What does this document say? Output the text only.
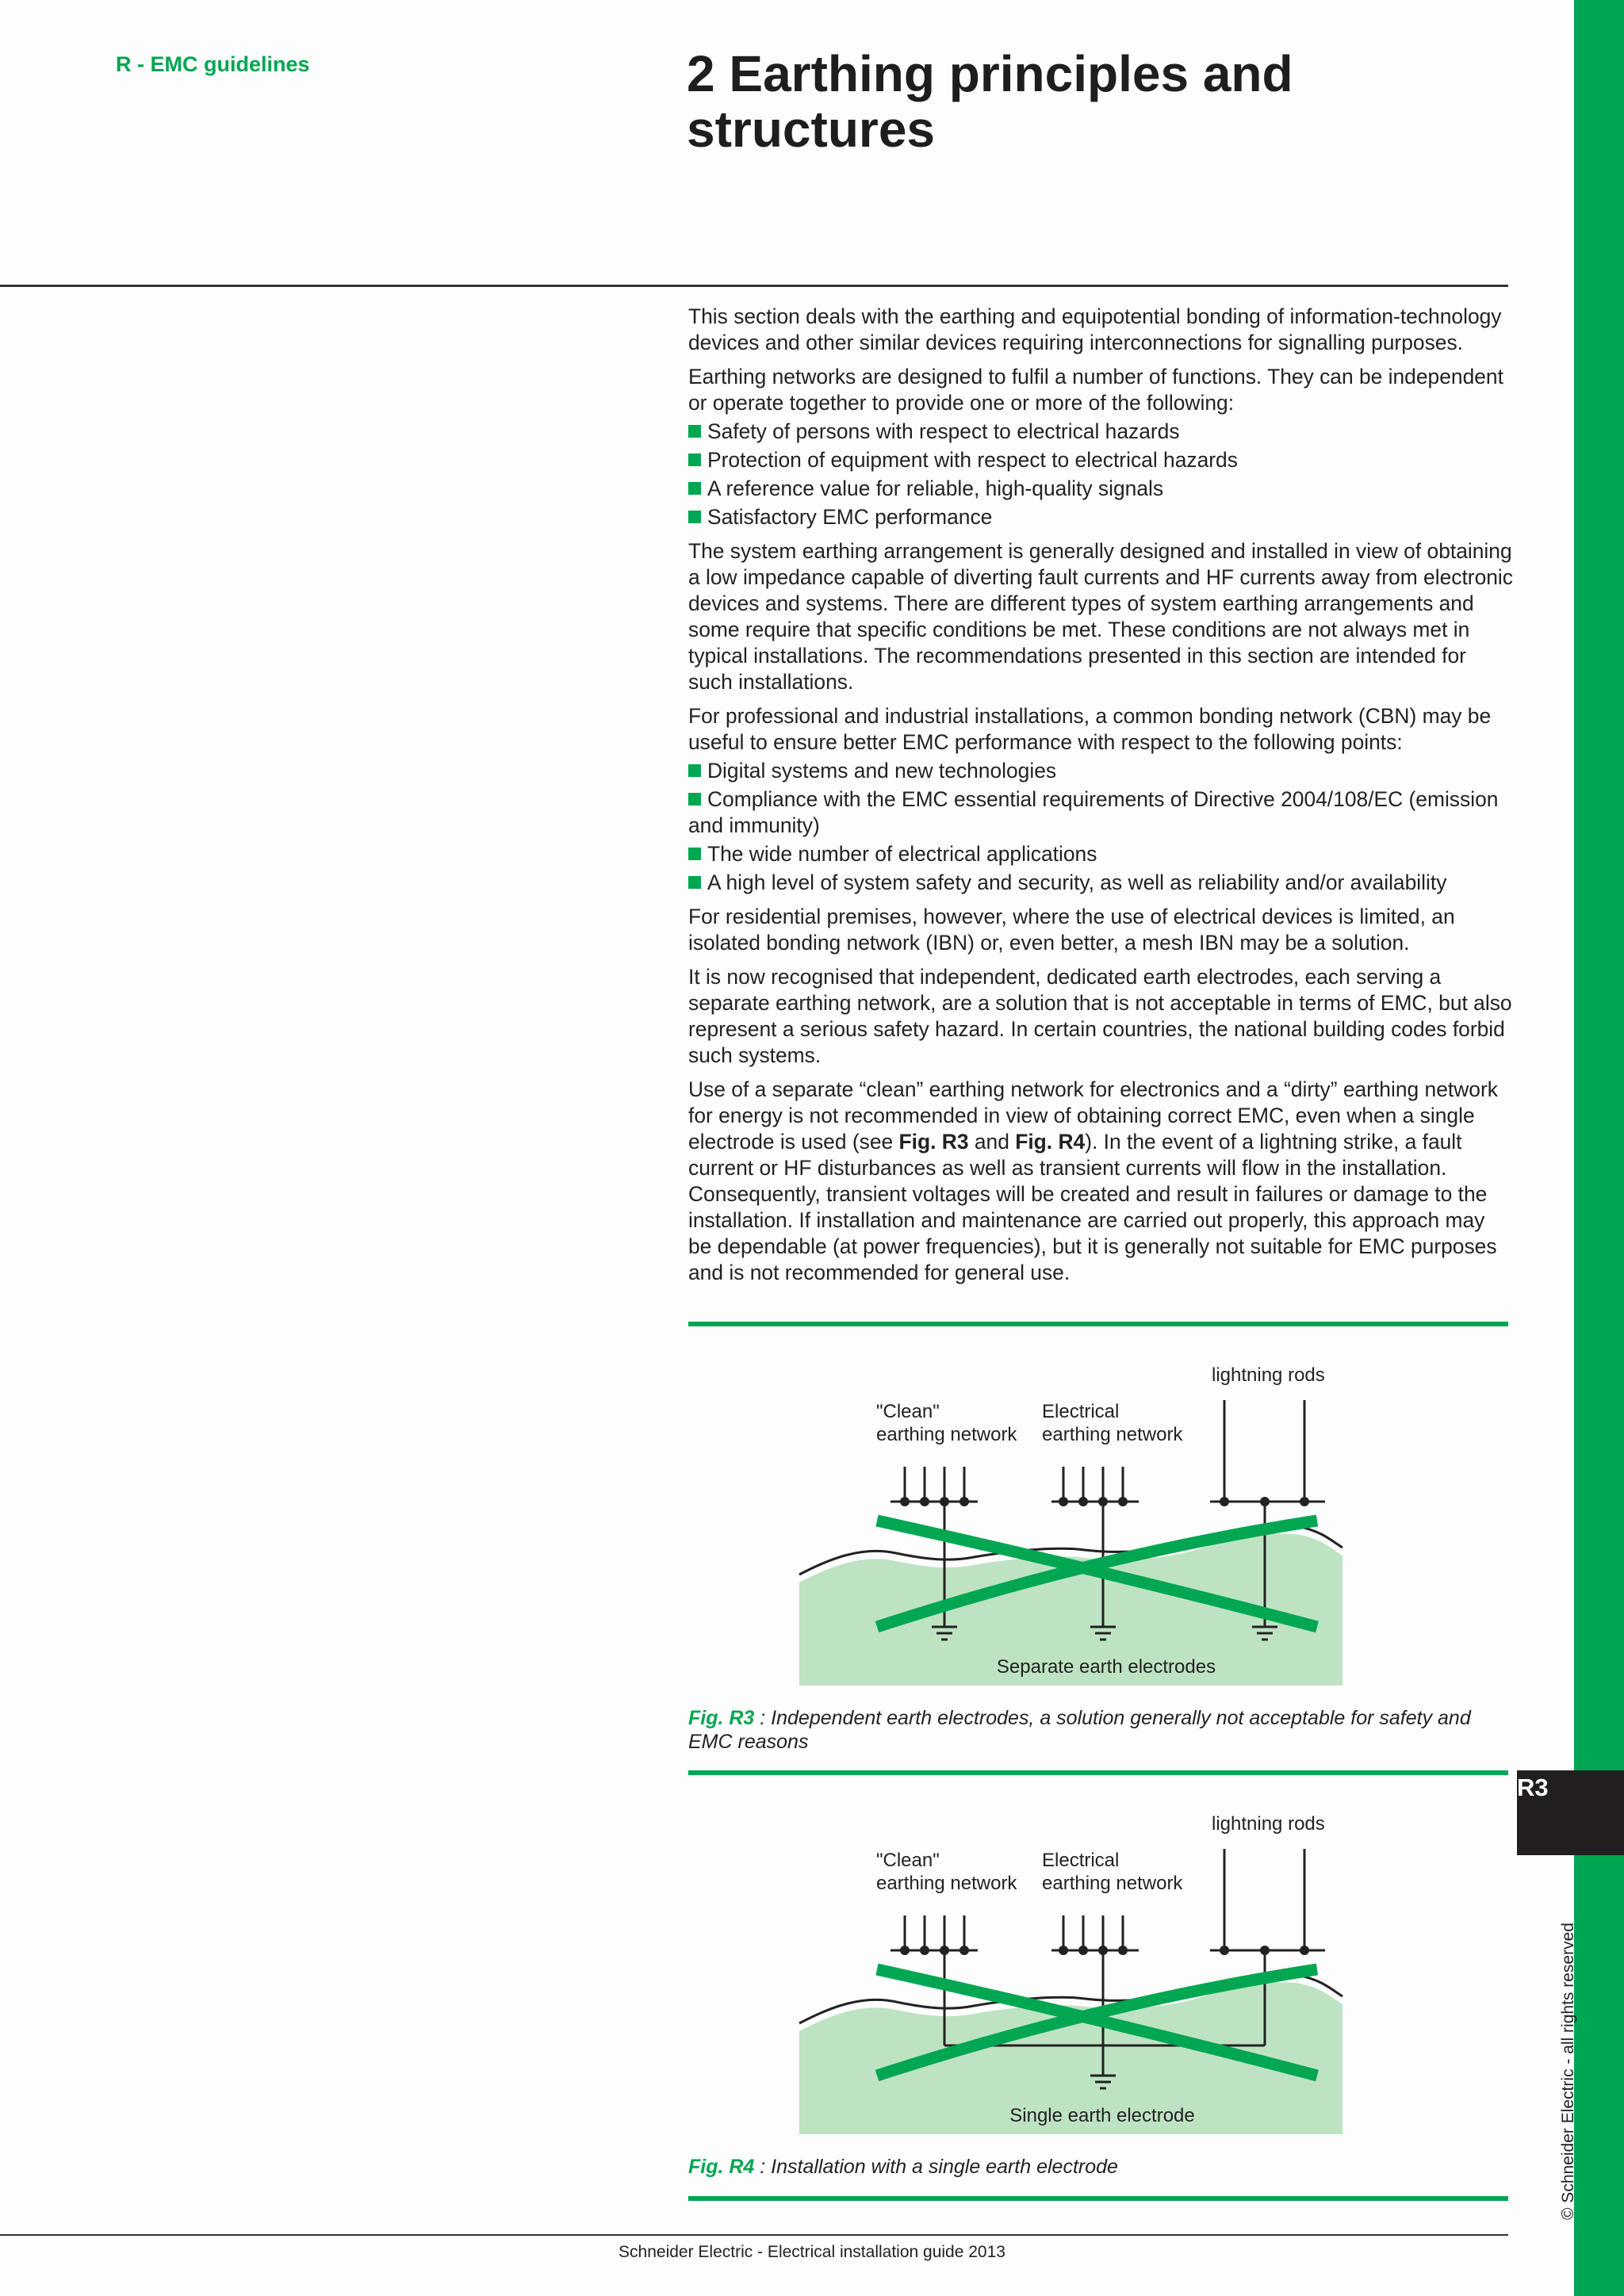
R - EMC guidelines	2 Earthing principles and structures

This section deals with the earthing and equipotential bonding of information-technology devices and other similar devices requiring interconnections for signalling purposes.

Earthing networks are designed to fulfil a number of functions. They can be independent or operate together to provide one or more of the following:

Safety of persons with respect to electrical hazards
Protection of equipment with respect to electrical hazards
A reference value for reliable, high-quality signals
Satisfactory EMC performance

The system earthing arrangement is generally designed and installed in view of obtaining a low impedance capable of diverting fault currents and HF currents away from electronic devices and systems. There are different types of system earthing arrangements and some require that specific conditions be met. These conditions are not always met in typical installations. The recommendations presented in this section are intended for such installations.

For professional and industrial installations, a common bonding network (CBN) may be useful to ensure better EMC performance with respect to the following points:

Digital systems and new technologies
Compliance with the EMC essential requirements of Directive 2004/108/EC (emission and immunity)
The wide number of electrical applications
A high level of system safety and security, as well as reliability and/or availability

For residential premises, however, where the use of electrical devices is limited, an isolated bonding network (IBN) or, even better, a mesh IBN may be a solution.

It is now recognised that independent, dedicated earth electrodes, each serving a separate earthing network, are a solution that is not acceptable in terms of EMC, but also represent a serious safety hazard. In certain countries, the national building codes forbid such systems.

Use of a separate “clean” earthing network for electronics and a “dirty” earthing network for energy is not recommended in view of obtaining correct EMC, even when a single electrode is used (see Fig. R3 and Fig. R4). In the event of a lightning strike, a fault current or HF disturbances as well as transient currents will flow in the installation. Consequently, transient voltages will be created and result in failures or damage to the installation. If installation and maintenance are carried out properly, this approach may be dependable (at power frequencies), but it is generally not suitable for EMC purposes and is not recommended for general use.

lightning rods
"Clean"
earthing network
Electrical
earthing network
Separate earth electrodes
Fig. R3 : Independent earth electrodes, a solution generally not acceptable for safety and EMC reasons
lightning rods
"Clean"
earthing network
Electrical
earthing network
Single earth electrode
Fig. R4 : Installation with a single earth electrode
R3
© Schneider Electric - all rights reserved
Schneider Electric - Electrical installation guide 2013
